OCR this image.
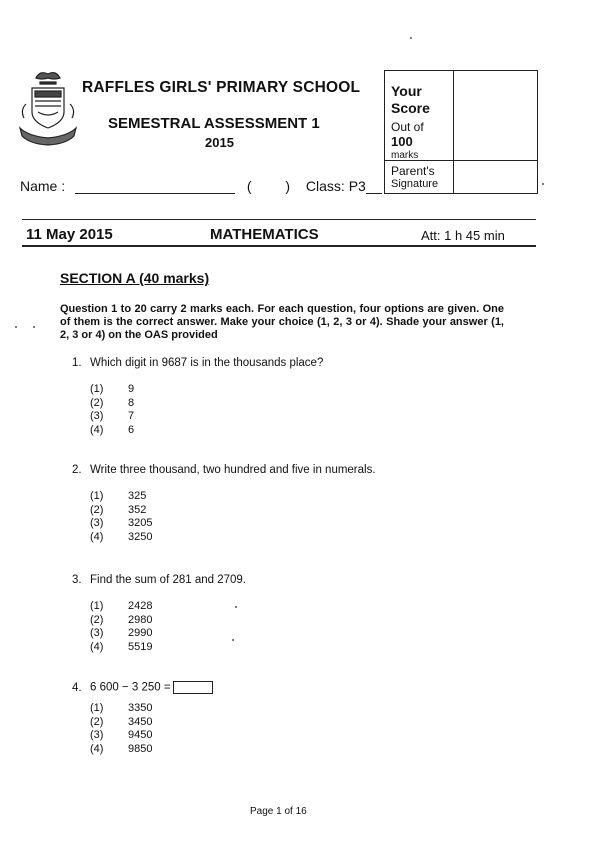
RAFFLES GIRLS' PRIMARY SCHOOL
SEMESTRAL ASSESSMENT 1
2015
Name :	( ) Class: P3
Your
Score
Out of
100
marks
Parent's
Signature
11 May 2015	MATHEMATICS	Att: 1 h 45 min
SECTION A (40 marks)
Question 1 to 20 carry 2 marks each. For each question, four options are given. One of them is the correct answer. Make your choice (1, 2, 3 or 4). Shade your answer (1, 2, 3 or 4) on the OAS provided
1. Which digit in 9687 is in the thousands place?
(1) 9
(2) 8
(3) 7
(4) 6
2. Write three thousand, two hundred and five in numerals.
(1) 325
(2) 352
(3) 3205
(4) 3250
3. Find the sum of 281 and 2709.
(1) 2428
(2) 2980
(3) 2990
(4) 5519
4. 6 600 − 3 250 =
(1) 3350
(2) 3450
(3) 9450
(4) 9850
Page 1 of 16
